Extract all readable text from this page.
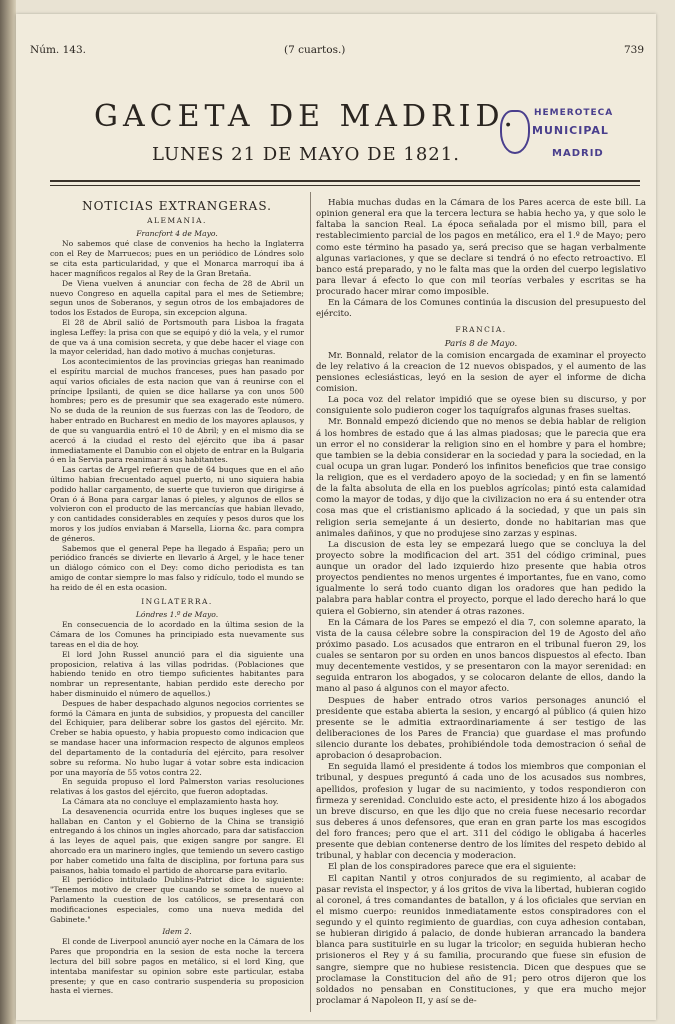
Núm. 143.	(7 cuartos.)	739
GACETA DE MADRID.
LUNES 21 DE MAYO DE 1821.
HEMEROTECA
MUNICIPAL
MADRID
NOTICIAS EXTRANGERAS.
ALEMANIA.
Francfort 4 de Mayo.

No sabemos qué clase de convenios ha hecho la Inglaterra con el Rey de Marruecos; pues en un periódico de Lóndres solo se cita esta particularidad, y que el Monarca marroquí iba á hacer magníficos regalos al Rey de la Gran Bretaña.

De Viena vuelven á anunciar con fecha de 28 de Abril un nuevo Congreso en aquella capital para el mes de Setiembre; segun unos de Soberanos, y segun otros de los embajadores de todos los Estados de Europa, sin excepcion alguna.

El 28 de Abril salió de Portsmouth para Lisboa la fragata inglesa Leffey: la prisa con que se equipó y dió la vela, y el rumor de que va á una comision secreta, y que debe hacer el viage con la mayor celeridad, han dado motivo á muchas conjeturas.

Los acontecimientos de las provincias griegas han reanimado el espíritu marcial de muchos franceses, pues han pasado por aquí varios oficiales de esta nacion que van á reunirse con el príncipe Ipsilanti, de quien se dice hallarse ya con unos 500 hombres; pero es de presumir que sea exagerado este número. No se duda de la reunion de sus fuerzas con las de Teodoro, de haber entrado en Bucharest en medio de los mayores aplausos, y de que su vanguardia entró el 10 de Abril; y en el mismo dia se acercó á la ciudad el resto del ejército que iba á pasar inmediatamente el Danubio con el objeto de entrar en la Bulgaria ó en la Servia para reanimar á sus habitantes.

Las cartas de Argel refieren que de 64 buques que en el año último habian frecuentado aquel puerto, ni uno siquiera habia podido hallar cargamento, de suerte que tuvieron que dirigirse á Oran ó á Bona para cargar lanas ó pieles, y algunos de ellos se volvieron con el producto de las mercancías que habian llevado, y con cantidades considerables en zequíes y pesos duros que los moros y los judíos enviaban á Marsella, Liorna &c. para compra de géneros.

Sabemos que el general Pepe ha llegado á España; pero un periódico francés se divierte en llevarlo á Argel, y le hace tener un diálogo cómico con el Dey: como dicho periodista es tan amigo de contar siempre lo mas falso y ridículo, todo el mundo se ha reido de él en esta ocasion.

INGLATERRA.
Lóndres 1.º de Mayo.

En consecuencia de lo acordado en la última sesion de la Cámara de los Comunes ha principiado esta nuevamente sus tareas en el dia de hoy.

El lord John Russel anunció para el dia siguiente una proposicion, relativa á las villas podridas. (Poblaciones que habiendo tenido en otro tiempo suficientes habitantes para nombrar un representante, habian perdido este derecho por haber disminuido el número de aquellos.)

Despues de haber despachado algunos negocios corrientes se formó la Cámara en junta de subsidios, y propuesta del canciller del Echiquier, para deliberar sobre los gastos del ejército. Mr. Creber se habia opuesto, y habia propuesto como indicacion que se mandase hacer una informacion respecto de algunos empleos del departamento de la contaduría del ejército, para resolver sobre su reforma. No hubo lugar á votar sobre esta indicacion por una mayoría de 55 votos contra 22.

En seguida propuso el lord Palmerston varias resoluciones relativas á los gastos del ejército, que fueron adoptadas.

La Cámara ata no concluye el emplazamiento hasta hoy.

La desavenencia ocurrida entre los buques ingleses que se hallaban en Canton y el Gobierno de la China se transigió entregando á los chinos un ingles ahorcado, para dar satisfaccion á las leyes de aquel pais, que exigen sangre por sangre. El ahorcado era un marinero ingles, que temiendo un severo castigo por haber cometido una falta de disciplina, por fortuna para sus paisanos, habia tomado el partido de ahorcarse para evitarlo.

El periódico intitulado Dublins-Patriot dice lo siguiente: "Tenemos motivo de creer que cuando se someta de nuevo al Parlamento la cuestion de los católicos, se presentará con modificaciones especiales, como una nueva medida del Gabinete."

Idem 2.

El conde de Liverpool anunció ayer noche en la Cámara de los Pares que propondria en la sesion de esta noche la tercera lectura del bill sobre pagos en metálico, si el lord King, que intentaba manifestar su opinion sobre este particular, estaba presente; y que en caso contrario suspenderia su proposicion hasta el viernes.

Habia muchas dudas en la Cámara de los Pares acerca de este bill. La opinion general era que la tercera lectura se habia hecho ya, y que solo le faltaba la sancion Real. La época señalada por el mismo bill, para el restablecimiento parcial de los pagos en metálico, era el 1.º de Mayo; pero como este término ha pasado ya, será preciso que se hagan verbalmente algunas variaciones, y que se declare si tendrá ó no efecto retroactivo. El banco está preparado, y no le falta mas que la orden del cuerpo legislativo para llevar á efecto lo que con mil teorías verbales y escritas se ha procurado hacer mirar como imposible.

En la Cámara de los Comunes continúa la discusion del presupuesto del ejército.

FRANCIA.
Paris 8 de Mayo.

Mr. Bonnald, relator de la comision encargada de examinar el proyecto de ley relativo á la creacion de 12 nuevos obispados, y el aumento de las pensiones eclesiásticas, leyó en la sesion de ayer el informe de dicha comision.

La poca voz del relator impidió que se oyese bien su discurso, y por consiguiente solo pudieron coger los taquígrafos algunas frases sueltas.

Mr. Bonnald empezó diciendo que no menos se debia hablar de religion á los hombres de estado que á las almas piadosas; que le parecia que era un error el no considerar la religion sino en el hombre y para el hombre; que tambien se la debia considerar en la sociedad y para la sociedad, en la cual ocupa un gran lugar. Ponderó los infinitos beneficios que trae consigo la religion, que es el verdadero apoyo de la sociedad; y en fin se lamentó de la falta absoluta de ella en los pueblos agrícolas; pintó esta calamidad como la mayor de todas, y dijo que la civilizacion no era á su entender otra cosa mas que el cristianismo aplicado á la sociedad, y que un pais sin religion seria semejante á un desierto, donde no habitarian mas que animales dañinos, y que no produjese sino zarzas y espinas.

La discusion de esta ley se empezará luego que se concluya la del proyecto sobre la modificacion del art. 351 del código criminal, pues aunque un orador del lado izquierdo hizo presente que habia otros proyectos pendientes no menos urgentes é importantes, fue en vano, como igualmente lo será todo cuanto digan los oradores que han pedido la palabra para hablar contra el proyecto, porque el lado derecho hará lo que quiera el Gobierno, sin atender á otras razones.

En la Cámara de los Pares se empezó el dia 7, con solemne aparato, la vista de la causa célebre sobre la conspiracion del 19 de Agosto del año próximo pasado. Los acusados que entraron en el tribunal fueron 29, los cuales se sentaron por su orden en unos bancos dispuestos al efecto. Iban muy decentemente vestidos, y se presentaron con la mayor serenidad: en seguida entraron los abogados, y se colocaron delante de ellos, dando la mano al paso á algunos con el mayor afecto.

Despues de haber entrado otros varios personages anunció el presidente que estaba abierta la sesion, y encargó al público (á quien hizo presente se le admitia extraordinariamente á ser testigo de las deliberaciones de los Pares de Francia) que guardase el mas profundo silencio durante los debates, prohibiéndole toda demostracion ó señal de aprobacion ó desaprobacion.

En seguida llamó el presidente á todos los miembros que componian el tribunal, y despues preguntó á cada uno de los acusados sus nombres, apellidos, profesion y lugar de su nacimiento, y todos respondieron con firmeza y serenidad. Concluido este acto, el presidente hizo á los abogados un breve discurso, en que les dijo que no creia fuese necesario recordar sus deberes á unos defensores, que eran en gran parte los mas escogidos del foro frances; pero que el art. 311 del código le obligaba á hacerles presente que debian contenerse dentro de los límites del respeto debido al tribunal, y hablar con decencia y moderacion.

El plan de los conspiradores parece que era el siguiente:

El capitan Nantil y otros conjurados de su regimiento, al acabar de pasar revista el inspector, y á los gritos de viva la libertad, hubieran cogido al coronel, á tres comandantes de batallon, y á los oficiales que servian en el mismo cuerpo: reunidos inmediatamente estos conspiradores con el segundo y el quinto regimiento de guardias, con cuya adhesion contaban, se hubieran dirigido á palacio, de donde hubieran arrancado la bandera blanca para sustituirle en su lugar la tricolor; en seguida hubieran hecho prisioneros el Rey y á su familia, procurando que fuese sin efusion de sangre, siempre que no hubiese resistencia. Dicen que despues que se proclamase la Constitucion del año de 91; pero otros dijeron que los soldados no pensaban en Constituciones, y que era mucho mejor proclamar á Napoleon II, y así se de-
